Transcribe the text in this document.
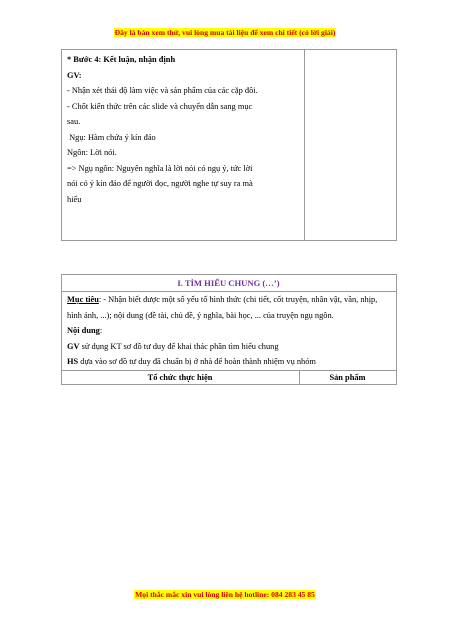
Đây là bản xem thử, vui lòng mua tài liệu để xem chi tiết (có lời giải)
* Bước 4: Kết luận, nhận định
GV:
- Nhận xét thái độ làm việc và sản phẩm của các cặp đôi.
- Chốt kiến thức trên các slide và chuyển dẫn sang mục
sau.
Ngụ: Hàm chứa ý kín đáo
Ngôn: Lời nói.
=> Ngụ ngôn: Nguyên nghĩa là lời nói có ngụ ý, tức lời
nói có ý kín đáo để người đọc, người nghe tự suy ra mà
hiểu

I. TÌM HIỂU CHUNG (…’)

Mục tiêu: - Nhận biết được một số yếu tố hình thức (chi tiết, cốt truyện, nhân vật, vần, nhịp,
hình ảnh, ...); nội dung (đề tài, chủ đề, ý nghĩa, bài học, ... của truyện ngụ ngôn.
Nội dung:
GV sử dụng KT sơ đồ tư duy để khai thác phần tìm hiểu chung
HS dựa vào sơ đồ tư duy đã chuẩn bị ở nhà để hoàn thành nhiệm vụ nhóm

Tổ chức thực hiện	Sản phẩm
Mọi thắc mắc xin vui lòng liên hệ hotline: 084 283 45 85
